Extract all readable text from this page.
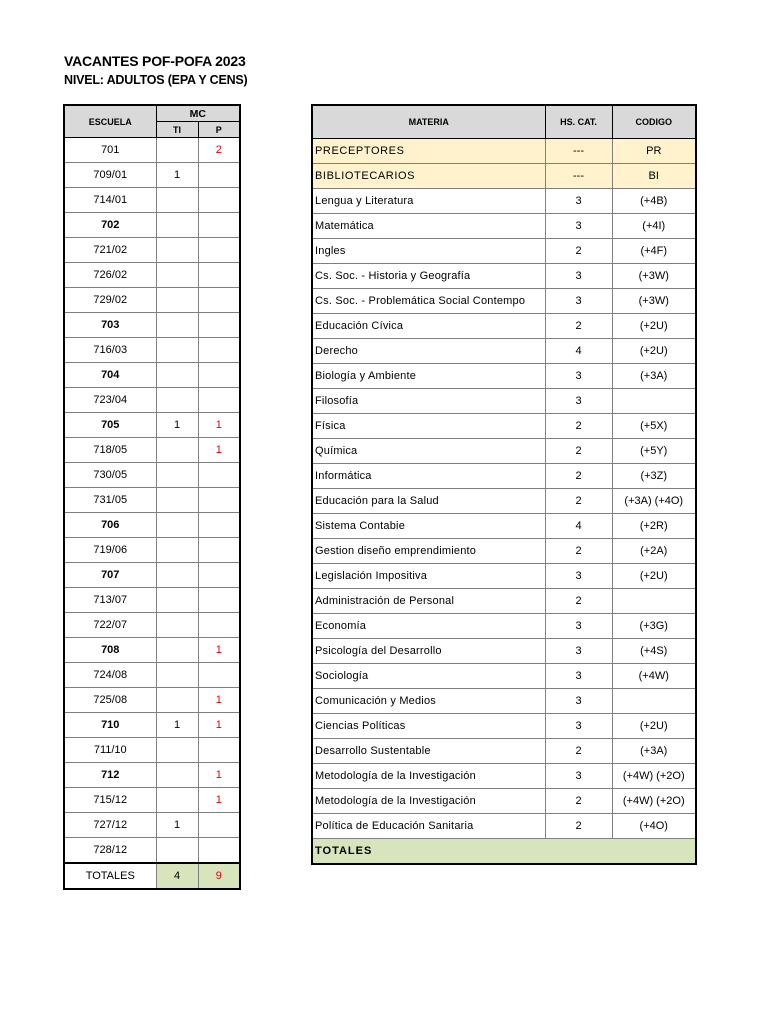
VACANTES POF-POFA 2023
NIVEL: ADULTOS (EPA Y CENS)
ESCUELA	MC	
	TI	P
701		2
709/01	1	
714/01		
702		
721/02		
726/02		
729/02		
703		
716/03		
704		
723/04		
705	1	1
718/05		1
730/05		
731/05		
706		
719/06		
707		
713/07		
722/07		
708		1
724/08		
725/08		1
710	1	1
711/10		
712		1
715/12		1
727/12	1	
728/12		
TOTALES	4	9
MATERIA	HS. CAT.	CODIGO
PRECEPTORES	---	PR
BIBLIOTECARIOS	---	BI
Lengua y Literatura	3	(+4B)
Matemática	3	(+4I)
Ingles	2	(+4F)
Cs. Soc. - Historia y Geografía	3	(+3W)
Cs. Soc. - Problemática Social Contempo	3	(+3W)
Educación Cívica	2	(+2U)
Derecho	4	(+2U)
Biología y Ambiente	3	(+3A)
Filosofía	3	
Física	2	(+5X)
Química	2	(+5Y)
Informática	2	(+3Z)
Educación para la Salud	2	(+3A) (+4O)
Sistema Contabie	4	(+2R)
Gestion diseño emprendimiento	2	(+2A)
Legislación Impositiva	3	(+2U)
Administración de Personal	2	
Economía	3	(+3G)
Psicología del Desarrollo	3	(+4S)
Sociología	3	(+4W)
Comunicación y Medios	3	
Ciencias Políticas	3	(+2U)
Desarrollo Sustentable	2	(+3A)
Metodología de la Investigación	3	(+4W) (+2O)
Metodología de la Investigación	2	(+4W) (+2O)
Política de Educación Sanitaria	2	(+4O)
TOTALES		
